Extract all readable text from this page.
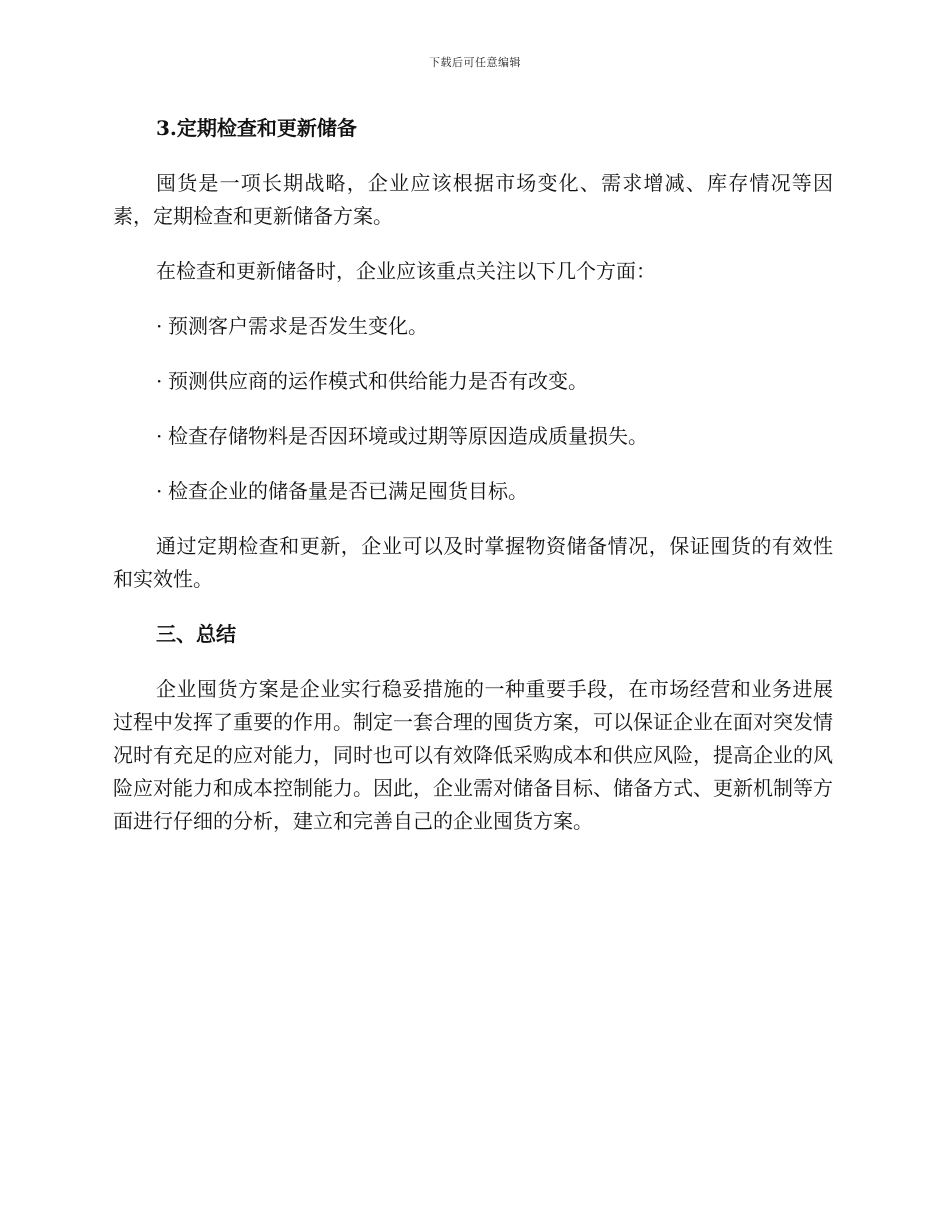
下载后可任意编辑
3.定期检查和更新储备

囤货是一项长期战略，企业应该根据市场变化、需求增减、库存情况等因素，定期检查和更新储备方案。

在检查和更新储备时，企业应该重点关注以下几个方面：

· 预测客户需求是否发生变化。

· 预测供应商的运作模式和供给能力是否有改变。

· 检查存储物料是否因环境或过期等原因造成质量损失。

· 检查企业的储备量是否已满足囤货目标。

通过定期检查和更新，企业可以及时掌握物资储备情况，保证囤货的有效性和实效性。

三、总结

企业囤货方案是企业实行稳妥措施的一种重要手段，在市场经营和业务进展过程中发挥了重要的作用。制定一套合理的囤货方案，可以保证企业在面对突发情况时有充足的应对能力，同时也可以有效降低采购成本和供应风险，提高企业的风险应对能力和成本控制能力。因此，企业需对储备目标、储备方式、更新机制等方面进行仔细的分析，建立和完善自己的企业囤货方案。
